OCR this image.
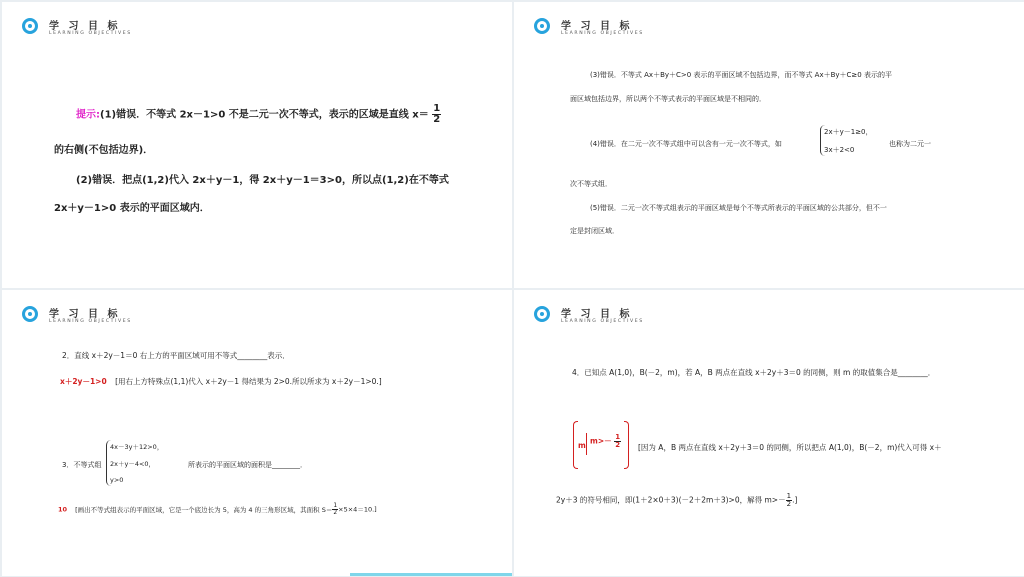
学 习 目 标
LEARNING OBJECTIVES
提示:(1)错误．不等式 2x－1>0 不是二元一次不等式，表示的区域是直线 $x= \frac{1}{2}$
的右侧(不包括边界)．
(2)错误．把点(1,2)代入 2x＋y－1，得 2x＋y－1＝3>0，所以点(1,2)在不等式
2x＋y－1>0 表示的平面区域内．
学 习 目 标
LEARNING OBJECTIVES
(3)错误．不等式 Ax＋By＋C>0 表示的平面区域不包括边界，而不等式 Ax＋By＋C≥0 表示的平
面区域包括边界，所以两个不等式表示的平面区域是不相同的．
(4)错误．在二元一次不等式组中可以含有一元一次不等式，如
2x＋y－1≥0，
3x＋2<0
也称为二元一
次不等式组．
(5)错误．二元一次不等式组表示的平面区域是每个不等式所表示的平面区域的公共部分，但不一
定是封闭区域．
学 习 目 标
LEARNING OBJECTIVES
2．直线 x＋2y－1＝0 右上方的平面区域可用不等式________表示．
x＋2y－1>0 [用右上方特殊点(1,1)代入 x＋2y－1 得结果为 2>0.所以所求为 x＋2y－1>0.]
3．不等式组
4x－3y＋12>0，
2x＋y－4<0，
y>0
所表示的平面区域的面积是________．
10 [画出不等式组表示的平面区域，它是一个底边长为 5，高为 4 的三角形区域，其面积 $S= \frac{1}{2} \times 5\times 4=10$.]
学 习 目 标
LEARNING OBJECTIVES
4．已知点 A(1,0)，B(－2，m)，若 A，B 两点在直线 x＋2y＋3＝0 的同侧，则 m 的取值集合是________．
m $m>- \frac{1}{2}$ [因为 A，B 两点在直线 x＋2y＋3＝0 的同侧，所以把点 A(1,0)，B(－2，m)代入可得 x＋
2y＋3 的符号相同，即(1＋2×0＋3)(－2＋2m＋3)>0，解得 $m>- \frac{1}{2}$ .]
